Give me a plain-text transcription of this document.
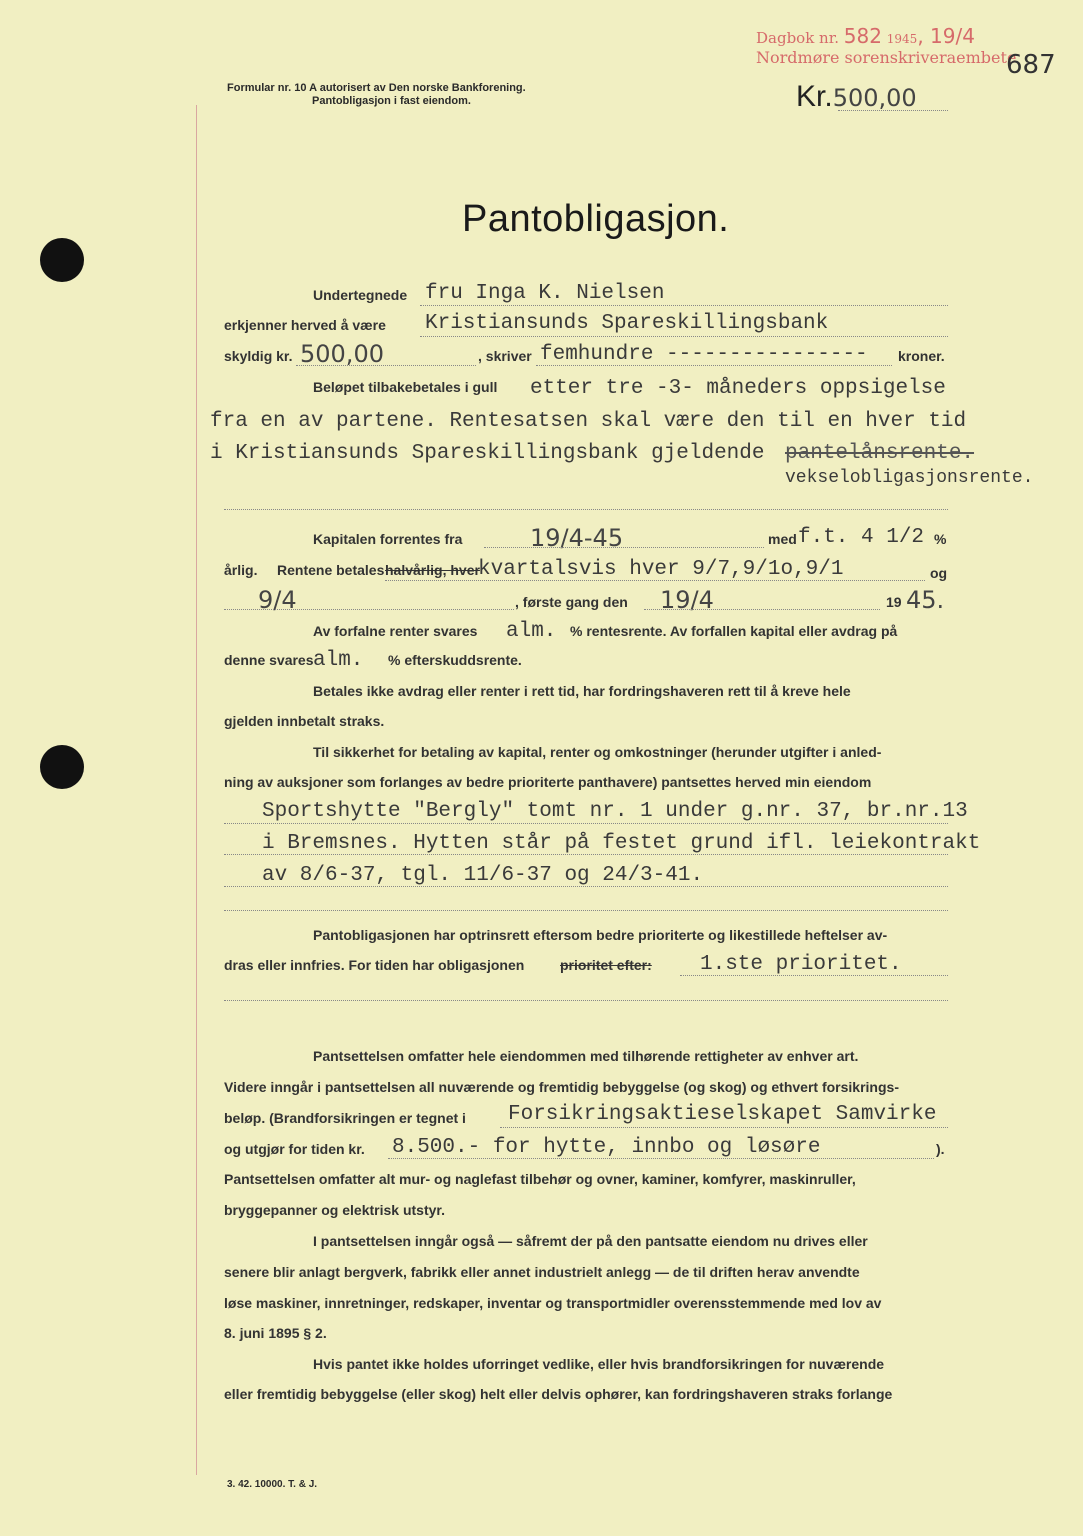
Dagbok nr. 582 1945, 19/4
Nordmøre sorenskriveraembete
687
Formular nr. 10 A autorisert av Den norske Bankforening.
Pantobligasjon i fast eiendom.	Kr.500,00
Pantobligasjon.
Undertegnede fru Inga K. Nielsen
erkjenner herved å være Kristiansunds Spareskillingsbank
skyldig kr. 500,00	, skriver femhundre ---------------- kroner.
Beløpet tilbakebetales i gull etter tre -3- måneders oppsigelse
fra en av partene. Rentesatsen skal være den til en hver tid
i Kristiansunds Spareskillingsbank gjeldende pantelånsrente.
vekselobligasjonsrente.
Kapitalen forrentes fra	19/4-45	med f.t. 4 1/2 %
årlig. Rentene betales halvårlig, hver
kvartalsvis hver 9/7,9/1o,9/1	og
9/4	, første gang den 19/4	19 45.
Av forfalne renter svares alm. % rentesrente. Av forfallen kapital eller avdrag på
denne svares alm. % efterskuddsrente.
Betales ikke avdrag eller renter i rett tid, har fordringshaveren rett til å kreve hele
gjelden innbetalt straks.
Til sikkerhet for betaling av kapital, renter og omkostninger (herunder utgifter i anled-
ning av auksjoner som forlanges av bedre prioriterte panthavere) pantsettes herved min eiendom
Sportshytte "Bergly" tomt nr. 1 under g.nr. 37, br.nr.13
i Bremsnes. Hytten står på festet grund ifl. leiekontrakt
av 8/6-37, tgl. 11/6-37 og 24/3-41.
Pantobligasjonen har optrinsrett eftersom bedre prioriterte og likestillede heftelser av-
dras eller innfries. For tiden har obligasjonen	prioritet efter: 1.ste prioritet.
Pantsettelsen omfatter hele eiendommen med tilhørende rettigheter av enhver art.
Videre inngår i pantsettelsen all nuværende og fremtidig bebyggelse (og skog) og ethvert forsikrings-
beløp. (Brandforsikringen er tegnet i Forsikringsaktieselskapet Samvirke
og utgjør for tiden kr. 8.500.- for hytte, innbo og løsøre	).
Pantsettelsen omfatter alt mur- og naglefast tilbehør og ovner, kaminer, komfyrer, maskinruller,
bryggepanner og elektrisk utstyr.
I pantsettelsen inngår også — såfremt der på den pantsatte eiendom nu drives eller
senere blir anlagt bergverk, fabrikk eller annet industrielt anlegg — de til driften herav anvendte
løse maskiner, innretninger, redskaper, inventar og transportmidler overensstemmende med lov av
8. juni 1895 § 2.
Hvis pantet ikke holdes uforringet vedlike, eller hvis brandforsikringen for nuværende
eller fremtidig bebyggelse (eller skog) helt eller delvis ophører, kan fordringshaveren straks forlange
3. 42. 10000. T. & J.
